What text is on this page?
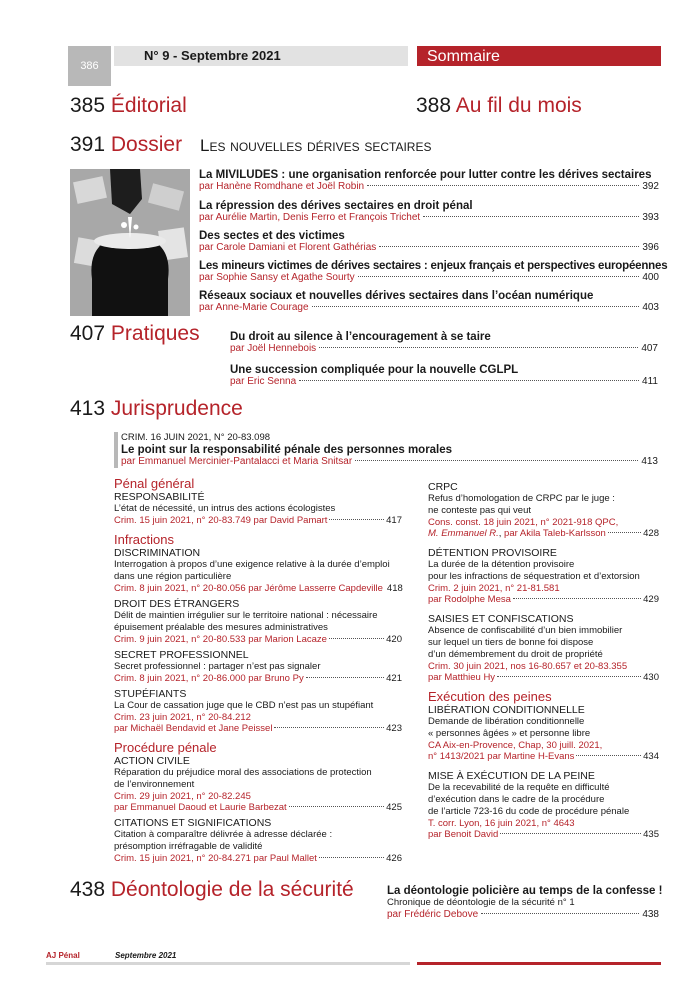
386
N° 9 - Septembre 2021	Sommaire
385 Éditorial	388 Au fil du mois
391 Dossier Les nouvelles dérives sectaires
La MIVILUDES : une organisation renforcée pour lutter contre les dérives sectaires
par Hanène Romdhane et Joël Robin	392
La répression des dérives sectaires en droit pénal
par Aurélie Martin, Denis Ferro et François Trichet	393
Des sectes et des victimes
par Carole Damiani et Florent Gathérias	396
Les mineurs victimes de dérives sectaires : enjeux français et perspectives européennes
par Sophie Sansy et Agathe Sourty	400
Réseaux sociaux et nouvelles dérives sectaires dans l’océan numérique
par Anne-Marie Courage	403
407 Pratiques	Du droit au silence à l’encouragement à se taire
par Joël Hennebois	407
Une succession compliquée pour la nouvelle CGLPL
par Eric Senna	411
413 Jurisprudence
CRIM. 16 JUIN 2021, N° 20-83.098
Le point sur la responsabilité pénale des personnes morales
par Emmanuel Mercinier-Pantalacci et Maria Snitsar	413
Pénal général
RESPONSABILITÉ
L’état de nécessité, un intrus des actions écologistes
Crim. 15 juin 2021, n° 20-83.749
par David Pamart	417
Infractions
DISCRIMINATION
Interrogation à propos d’une exigence relative à la durée d’emploi
dans une région particulière
Crim. 8 juin 2021, n° 20-80.056
par Jérôme Lasserre Capdeville 418
DROIT DES ÉTRANGERS
Délit de maintien irrégulier sur le territoire national : nécessaire
épuisement préalable des mesures administratives
Crim. 9 juin 2021, n° 20-80.533
par Marion Lacaze	420
SECRET PROFESSIONNEL
Secret professionnel : partager n’est pas signaler
Crim. 8 juin 2021, n° 20-86.000
par Bruno Py	421
STUPÉFIANTS
La Cour de cassation juge que le CBD n’est pas un stupéfiant
Crim. 23 juin 2021, n° 20-84.212
par Michaël Bendavid et Jane Peissel	423
Procédure pénale
ACTION CIVILE
Réparation du préjudice moral des associations de protection
de l’environnement
Crim. 29 juin 2021, n° 20-82.245
par Emmanuel Daoud et Laurie Barbezat	425
CITATIONS ET SIGNIFICATIONS
Citation à comparaître délivrée à adresse déclarée :
présomption irréfragable de validité
Crim. 15 juin 2021, n° 20-84.271
par Paul Mallet	426
CRPC
Refus d’homologation de CRPC par le juge :
ne conteste pas qui veut
Cons. const. 18 juin 2021, n° 2021-918 QPC,
M. Emmanuel R. , par Akila Taleb-Karlsson	428
DÉTENTION PROVISOIRE
La durée de la détention provisoire
pour les infractions de séquestration et d’extorsion
Crim. 2 juin 2021, n° 21-81.581
par Rodolphe Mesa	429
SAISIES ET CONFISCATIONS
Absence de confiscabilité d’un bien immobilier
sur lequel un tiers de bonne foi dispose
d’un démembrement du droit de propriété
Crim. 30 juin 2021, nos 16-80.657 et 20-83.355
par Matthieu Hy	430
Exécution des peines
LIBÉRATION CONDITIONNELLE
Demande de libération conditionnelle
« personnes âgées » et personne libre
CA Aix-en-Provence, Chap, 30 juill. 2021,
n° 1413/2021
par Martine H-Evans	434
MISE À EXÉCUTION DE LA PEINE
De la recevabilité de la requête en difficulté
d’exécution dans le cadre de la procédure
de l’article 723-16 du code de procédure pénale
T. corr. Lyon, 16 juin 2021, n° 4643
par Benoit David	435
438 Déontologie de la sécurité	La déontologie policière au temps de la confesse !
Chronique de déontologie de la sécurité n° 1
par Frédéric Debove	438
AJ Pénal	Septembre 2021
